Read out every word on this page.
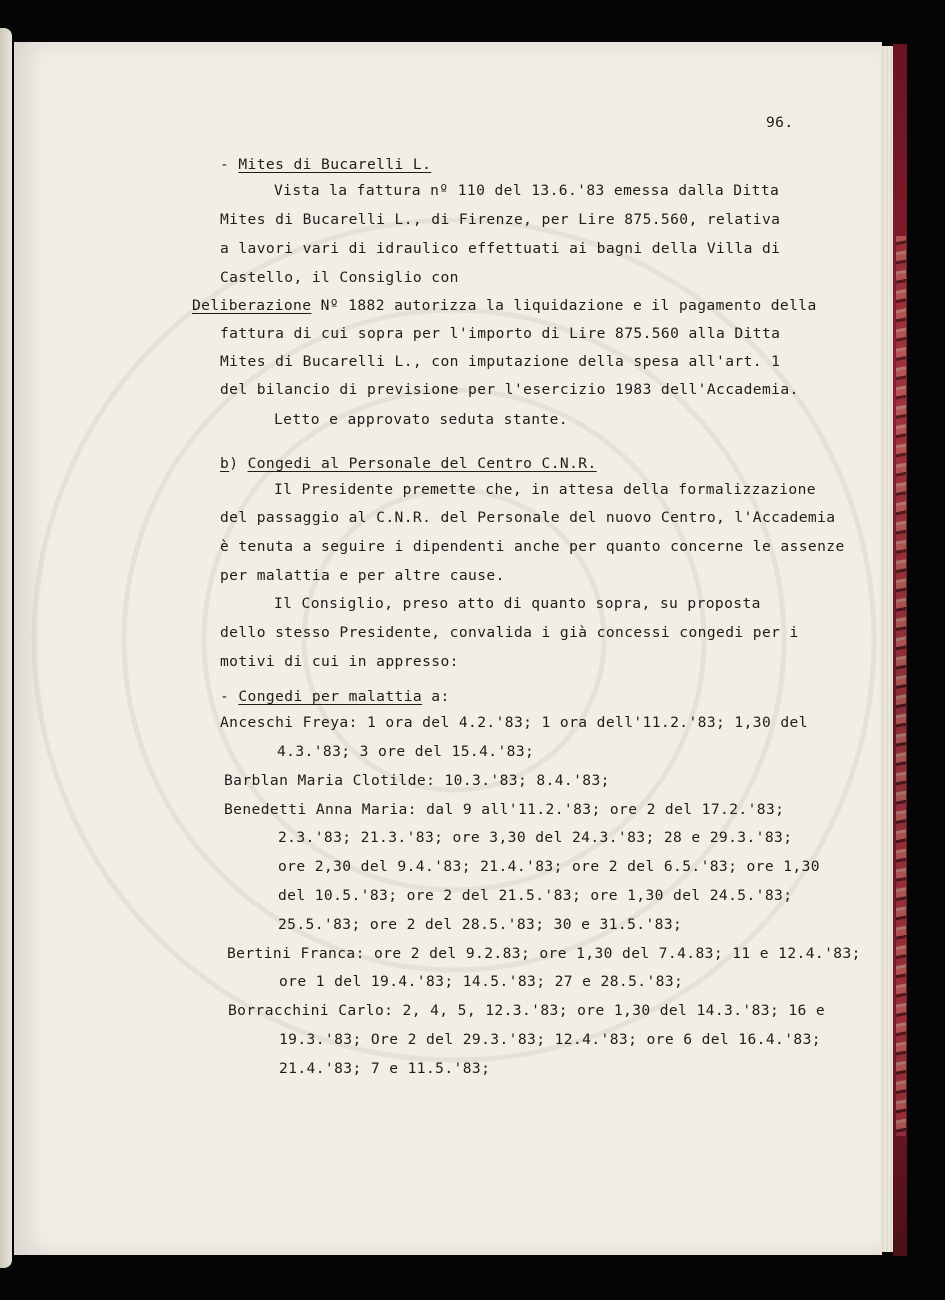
96.
- Mites di Bucarelli L.
Vista la fattura nº 110 del 13.6.'83 emessa dalla Ditta
Mites di Bucarelli L., di Firenze, per Lire 875.560, relativa
a lavori vari di idraulico effettuati ai bagni della Villa di
Castello, il Consiglio con
Deliberazione Nº 1882 autorizza la liquidazione e il pagamento della
fattura di cui sopra per l'importo di Lire 875.560 alla Ditta
Mites di Bucarelli L., con imputazione della spesa all'art. 1
del bilancio di previsione per l'esercizio 1983 dell'Accademia.
Letto e approvato seduta stante.
b) Congedi al Personale del Centro C.N.R.
Il Presidente premette che, in attesa della formalizzazione
del passaggio al C.N.R. del Personale del nuovo Centro, l'Accademia
è tenuta a seguire i dipendenti anche per quanto concerne le assenze
per malattia e per altre cause.
Il Consiglio, preso atto di quanto sopra, su proposta
dello stesso Presidente, convalida i già concessi congedi per i
motivi di cui in appresso:
- Congedi per malattia a:
Anceschi Freya: 1 ora del 4.2.'83; 1 ora dell'11.2.'83; 1,30 del
4.3.'83; 3 ore del 15.4.'83;
Barblan Maria Clotilde: 10.3.'83; 8.4.'83;
Benedetti Anna Maria: dal 9 all'11.2.'83; ore 2 del 17.2.'83;
2.3.'83; 21.3.'83; ore 3,30 del 24.3.'83; 28 e 29.3.'83;
ore 2,30 del 9.4.'83; 21.4.'83; ore 2 del 6.5.'83; ore 1,30
del 10.5.'83; ore 2 del 21.5.'83; ore 1,30 del 24.5.'83;
25.5.'83; ore 2 del 28.5.'83; 30 e 31.5.'83;
Bertini Franca: ore 2 del 9.2.83; ore 1,30 del 7.4.83; 11 e 12.4.'83;
ore 1 del 19.4.'83; 14.5.'83; 27 e 28.5.'83;
Borracchini Carlo: 2, 4, 5, 12.3.'83; ore 1,30 del 14.3.'83; 16 e
19.3.'83; Ore 2 del 29.3.'83; 12.4.'83; ore 6 del 16.4.'83;
21.4.'83; 7 e 11.5.'83;
